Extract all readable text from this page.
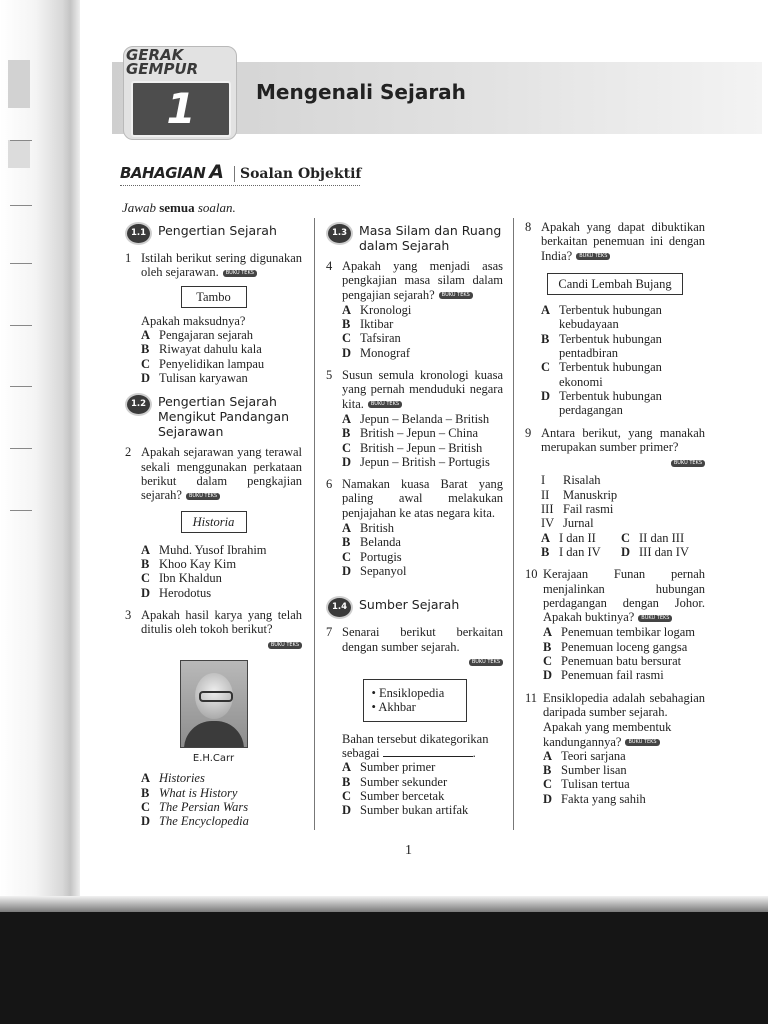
GERAK
GEMPUR
1	Mengenali Sejarah
BAHAGIAN A	Soalan Objektif
Jawab semua soalan.
1.1 Pengertian Sejarah
1 Istilah berikut sering digunakan oleh sejarawan. BUKU TEKS
Tambo
Apakah maksudnya?
A Pengajaran sejarah
B Riwayat dahulu kala
C Penyelidikan lampau
D Tulisan karyawan
1.2 Pengertian Sejarah Mengikut Pandangan Sejarawan
2 Apakah sejarawan yang terawal sekali menggunakan perkataan berikut dalam pengkajian sejarah? BUKU TEKS
Historia
A Muhd. Yusof Ibrahim
B Khoo Kay Kim
C Ibn Khaldun
D Herodotus
3 Apakah hasil karya yang telah ditulis oleh tokoh berikut?
BUKU TEKS
E.H.Carr
A Histories
B What is History
C The Persian Wars
D The Encyclopedia
1.3 Masa Silam dan Ruang dalam Sejarah
4 Apakah yang menjadi asas pengkajian masa silam dalam pengajian sejarah? BUKU TEKS
A Kronologi
B Iktibar
C Tafsiran
D Monograf
5 Susun semula kronologi kuasa yang pernah menduduki negara kita. BUKU TEKS
A Jepun – Belanda – British
B British – Jepun – China
C British – Jepun – British
D Jepun – British – Portugis
6 Namakan kuasa Barat yang paling awal melakukan penjajahan ke atas negara kita.
A British
B Belanda
C Portugis
D Sepanyol
1.4 Sumber Sejarah
7 Senarai berikut berkaitan dengan sumber sejarah.
BUKU TEKS
• Ensiklopedia
• Akhbar
Bahan tersebut dikategorikan sebagai	.
A Sumber primer
B Sumber sekunder
C Sumber bercetak
D Sumber bukan artifak
8 Apakah yang dapat dibuktikan berkaitan penemuan ini dengan India? BUKU TEKS
Candi Lembah Bujang
A Terbentuk hubungan kebudayaan
B Terbentuk hubungan pentadbiran
C Terbentuk hubungan ekonomi
D Terbentuk hubungan perdagangan
9 Antara berikut, yang manakah merupakan sumber primer?
BUKU TEKS
I	Risalah
II	Manuskrip
III Fail rasmi
IV Jurnal
A I dan II	C II dan III
B I dan IV	D III dan IV
10 Kerajaan Funan pernah menjalinkan hubungan perdagangan dengan Johor. Apakah buktinya? BUKU TEKS
A Penemuan tembikar logam
B Penemuan loceng gangsa
C Penemuan batu bersurat
D Penemuan fail rasmi
11 Ensiklopedia adalah sebahagian daripada sumber sejarah.
Apakah yang membentuk kandungannya? BUKU TEKS
A Teori sarjana
B Sumber lisan
C Tulisan tertua
D Fakta yang sahih
1
